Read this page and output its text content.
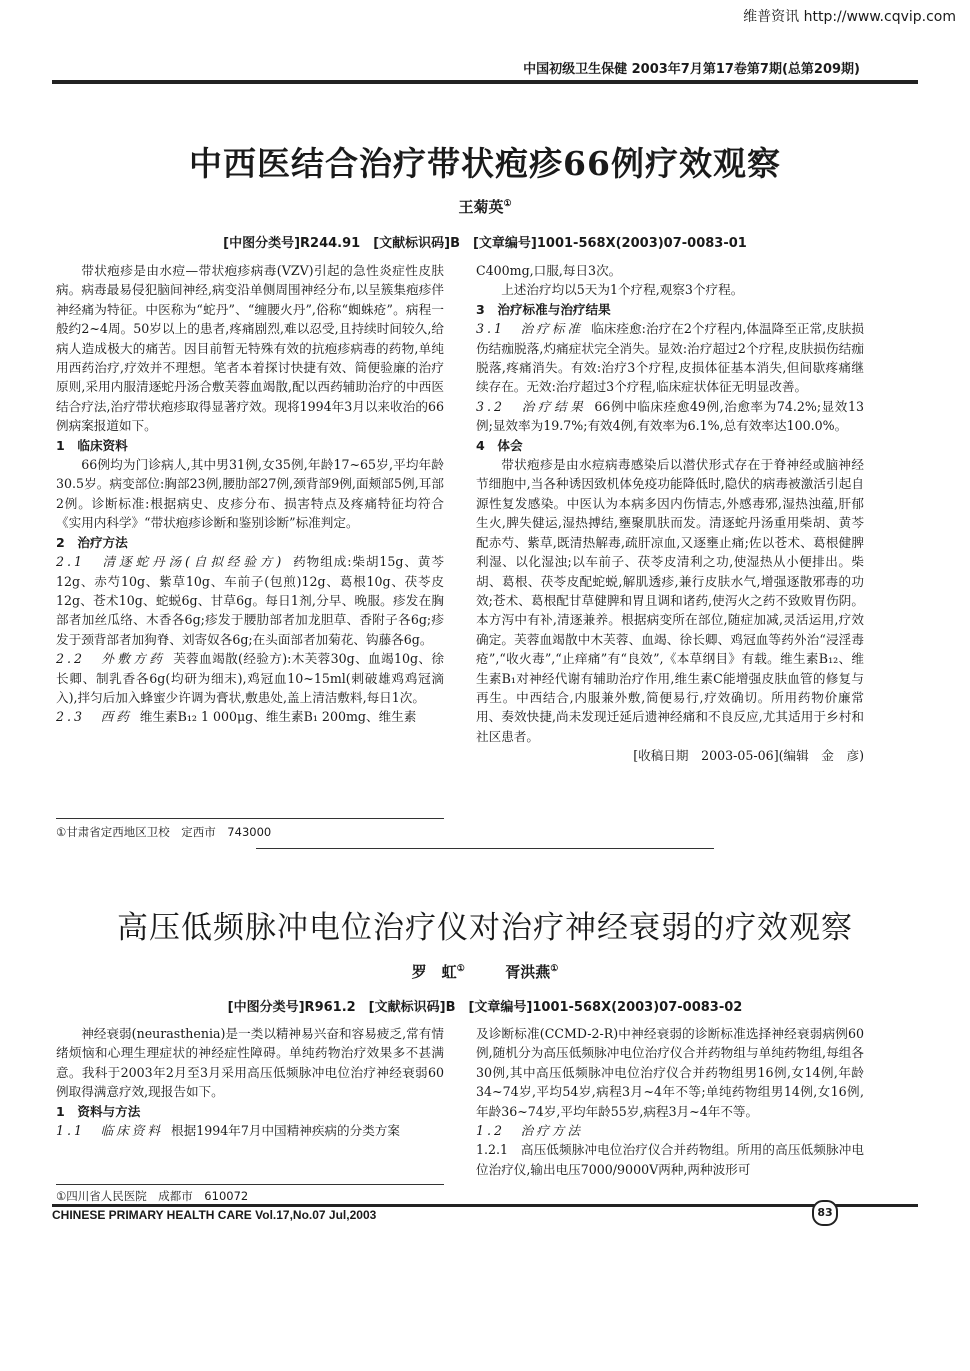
维普资讯 http://www.cqvip.com
中国初级卫生保健 2003年7月第17卷第7期(总第209期)
中西医结合治疗带状疱疹66例疗效观察
王菊英①
[中图分类号]R244.91　[文献标识码]B　[文章编号]1001-568X(2003)07-0083-01

带状疱疹是由水痘—带状疱疹病毒(VZV)引起的急性炎症性皮肤病。病毒最易侵犯脑间神经,病变沿单侧周围神经分布,以呈簇集疱疹伴神经痛为特征。中医称为“蛇丹”、“缠腰火丹”,俗称“蜘蛛疮”。病程一般约2~4周。50岁以上的患者,疼痛剧烈,难以忍受,且持续时间较久,给病人造成极大的痛苦。因目前暂无特殊有效的抗疱疹病毒的药物,单纯用西药治疗,疗效并不理想。笔者本着探讨快捷有效、简便验廉的治疗原则,采用内服清逐蛇丹汤合敷芙蓉血竭散,配以西药辅助治疗的中西医结合疗法,治疗带状疱疹取得显著疗效。现将1994年3月以来收治的66例病案报道如下。

1　临床资料

66例均为门诊病人,其中男31例,女35例,年龄17~65岁,平均年龄30.5岁。病变部位:胸部23例,腰肋部27例,颈背部9例,面颊部5例,耳部2例。诊断标准:根据病史、皮疹分布、损害特点及疼痛特征均符合《实用内科学》“带状疱疹诊断和鉴别诊断”标准判定。

2　治疗方法
2.1　清逐蛇丹汤(自拟经验方) 药物组成:柴胡15g、黄芩12g、赤芍10g、紫草10g、车前子(包煎)12g、葛根10g、茯苓皮12g、苍术10g、蛇蜕6g、甘草6g。每日1剂,分早、晚服。疹发在胸部者加丝瓜络、木香各6g;疹发于腰肋部者加龙胆草、香附子各6g;疹发于颈背部者加狗脊、刘寄奴各6g;在头面部者加菊花、钩藤各6g。
2.2　外敷方药 芙蓉血竭散(经验方):木芙蓉30g、血竭10g、徐长卿、制乳香各6g(均研为细末),鸡冠血10~15ml(剌破雄鸡鸡冠滴入),拌匀后加入蜂蜜少许调为膏状,敷患处,盖上清洁敷料,每日1次。
2.3　西药 维生素B₁₂ 1 000μg、维生素B₁ 200mg、维生素
C400mg,口服,每日3次。

上述治疗均以5天为1个疗程,观察3个疗程。

3　治疗标准与治疗结果
3.1　治疗标准 临床痊愈:治疗在2个疗程内,体温降至正常,皮肤损伤结痂脱落,灼痛症状完全消失。显效:治疗超过2个疗程,皮肤损伤结痂脱落,疼痛消失。有效:治疗3个疗程,皮损体征基本消失,但间歇疼痛继续存在。无效:治疗超过3个疗程,临床症状体征无明显改善。
3.2　治疗结果 66例中临床痊愈49例,治愈率为74.2%;显效13例;显效率为19.7%;有效4例,有效率为6.1%,总有效率达100.0%。
4　体会

带状疱疹是由水痘病毒感染后以潜伏形式存在于脊神经或脑神经节细胞中,当各种诱因致机体免疫功能降低时,隐伏的病毒被激活引起自源性复发感染。中医认为本病多因内伤情志,外感毒邪,湿热浊蕴,肝郁生火,脾失健运,湿热搏结,壅聚肌肤而发。清逐蛇丹汤重用柴胡、黄芩配赤芍、紫草,既清热解毒,疏肝凉血,又逐壅止痛;佐以苍术、葛根健脾利湿、以化湿浊;以车前子、茯苓皮清利之功,使湿热从小便排出。柴胡、葛根、茯苓皮配蛇蜕,解肌透疹,兼行皮肤水气,增强逐散邪毒的功效;苍术、葛根配甘草健脾和胃且调和诸药,使泻火之药不致败胃伤阴。本方泻中有补,清逐兼养。根据病变所在部位,随症加减,灵活运用,疗效确定。芙蓉血竭散中木芙蓉、血竭、徐长卿、鸡冠血等药外治“浸淫毒疮”,“收火毒”,“止痒痛”有“良效”,《本草纲目》有载。维生素B₁₂、维生素B₁对神经代谢有辅助治疗作用,维生素C能增强皮肤血管的修复与再生。中西结合,内服兼外敷,简便易行,疗效确切。所用药物价廉常用、奏效快捷,尚未发现迁延后遗神经痛和不良反应,尤其适用于乡村和社区患者。

[收稿日期　2003-05-06](编辑　金　彦)
①甘肃省定西地区卫校　定西市　743000
高压低频脉冲电位治疗仪对治疗神经衰弱的疗效观察
罗　虹①	胥洪燕①
[中图分类号]R961.2　[文献标识码]B　[文章编号]1001-568X(2003)07-0083-02

神经衰弱(neurasthenia)是一类以精神易兴奋和容易疲乏,常有情绪烦恼和心理生理症状的神经症性障碍。单纯药物治疗效果多不甚满意。我科于2003年2月至3月采用高压低频脉冲电位治疗神经衰弱60例取得满意疗效,现报告如下。

1　资料与方法
1.1　临床资料 根据1994年7月中国精神疾病的分类方案
及诊断标准(CCMD-2-R)中神经衰弱的诊断标准选择神经衰弱病例60例,随机分为高压低频脉冲电位治疗仪合并药物组与单纯药物组,每组各30例,其中高压低频脉冲电位治疗仪合并药物组男16例,女14例,年龄34~74岁,平均54岁,病程3月~4年不等;单纯药物组男14例,女16例,年龄36~74岁,平均年龄55岁,病程3月~4年不等。
1.2　治疗方法
1.2.1　高压低频脉冲电位治疗仪合并药物组。所用的高压低频脉冲电位治疗仪,输出电压7000/9000V两种,两种波形可
①四川省人民医院　成都市　610072
CHINESE PRIMARY HEALTH CARE Vol.17,No.07 Jul,2003	83
